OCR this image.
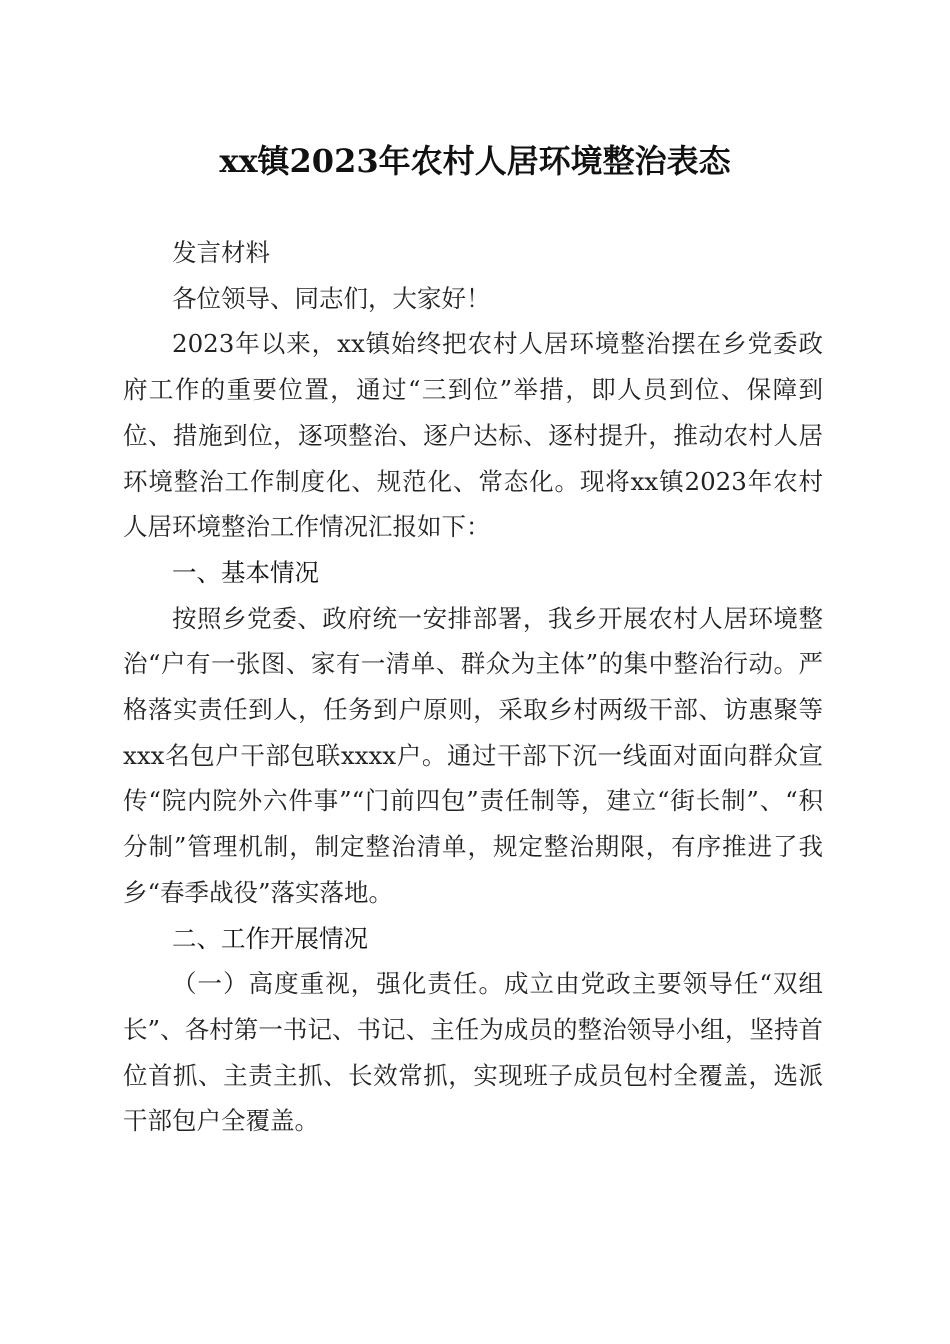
xx镇2023年农村人居环境整治表态

发言材料

各位领导、同志们，大家好！

2023年以来，xx镇始终把农村人居环境整治摆在乡党委政府工作的重要位置，通过“三到位”举措，即人员到位、保障到位、措施到位，逐项整治、逐户达标、逐村提升，推动农村人居环境整治工作制度化、规范化、常态化。现将xx镇2023年农村人居环境整治工作情况汇报如下：

一、基本情况

按照乡党委、政府统一安排部署，我乡开展农村人居环境整治“户有一张图、家有一清单、群众为主体”的集中整治行动。严格落实责任到人，任务到户原则，采取乡村两级干部、访惠聚等xxx名包户干部包联xxxx户。通过干部下沉一线面对面向群众宣传“院内院外六件事”“门前四包”责任制等，建立“街长制”、“积分制”管理机制，制定整治清单，规定整治期限，有序推进了我乡“春季战役”落实落地。

二、工作开展情况

（一）高度重视，强化责任。成立由党政主要领导任“双组长”、各村第一书记、书记、主任为成员的整治领导小组，坚持首位首抓、主责主抓、长效常抓，实现班子成员包村全覆盖，选派干部包户全覆盖。
